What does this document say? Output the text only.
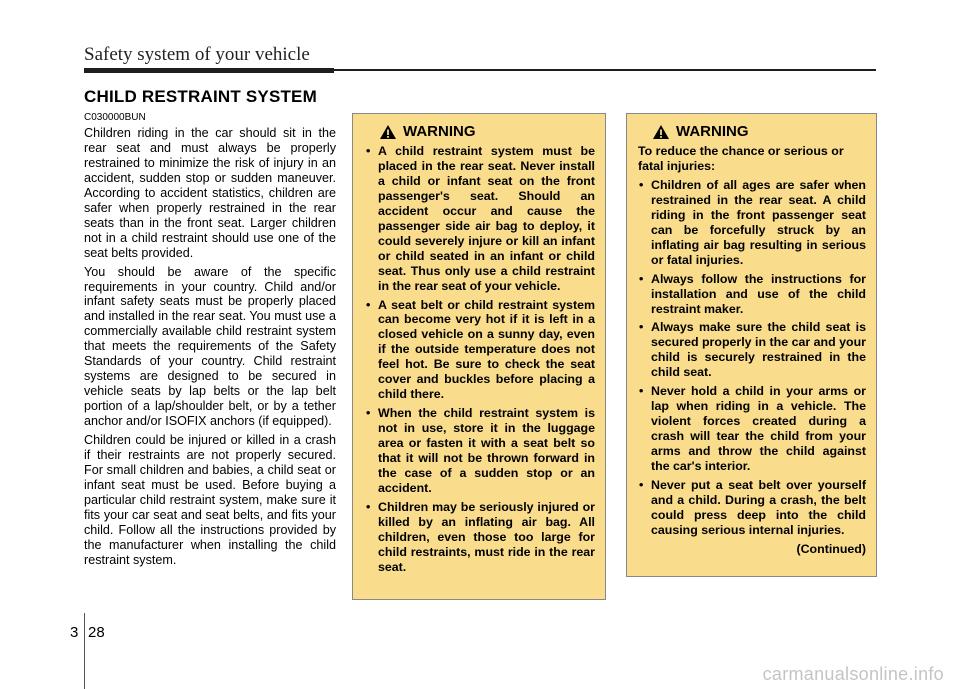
Safety system of your vehicle
CHILD RESTRAINT SYSTEM
C030000BUN

Children riding in the car should sit in the rear seat and must always be properly restrained to minimize the risk of injury in an accident, sudden stop or sudden maneuver. According to accident statistics, children are safer when properly restrained in the rear seats than in the front seat. Larger children not in a child restraint should use one of the seat belts provided.

You should be aware of the specific requirements in your country. Child and/or infant safety seats must be properly placed and installed in the rear seat. You must use a commercially available child restraint system that meets the requirements of the Safety Standards of your country. Child restraint systems are designed to be secured in vehicle seats by lap belts or the lap belt portion of a lap/shoulder belt, or by a tether anchor and/or ISOFIX anchors (if equipped).

Children could be injured or killed in a crash if their restraints are not properly secured. For small children and babies, a child seat or infant seat must be used. Before buying a particular child restraint system, make sure it fits your car seat and seat belts, and fits your child. Follow all the instructions provided by the manufacturer when installing the child restraint system.

WARNING
• A child restraint system must be placed in the rear seat. Never install a child or infant seat on the front passenger's seat. Should an accident occur and cause the passenger side air bag to deploy, it could severely injure or kill an infant or child seated in an infant or child seat. Thus only use a child restraint in the rear seat of your vehicle.
• A seat belt or child restraint system can become very hot if it is left in a closed vehicle on a sunny day, even if the outside temperature does not feel hot. Be sure to check the seat cover and buckles before placing a child there.
• When the child restraint system is not in use, store it in the luggage area or fasten it with a seat belt so that it will not be thrown forward in the case of a sudden stop or an accident.
• Children may be seriously injured or killed by an inflating air bag. All children, even those too large for child restraints, must ride in the rear seat.
WARNING

To reduce the chance or serious or fatal injuries:

• Children of all ages are safer when restrained in the rear seat. A child riding in the front passenger seat can be forcefully struck by an inflating air bag resulting in serious or fatal injuries.
• Always follow the instructions for installation and use of the child restraint maker.
• Always make sure the child seat is secured properly in the car and your child is securely restrained in the child seat.
• Never hold a child in your arms or lap when riding in a vehicle. The violent forces created during a crash will tear the child from your arms and throw the child against the car's interior.
• Never put a seat belt over yourself and a child. During a crash, the belt could press deep into the child causing serious internal injuries.
(Continued)
3 28
carmanualsonline.info
